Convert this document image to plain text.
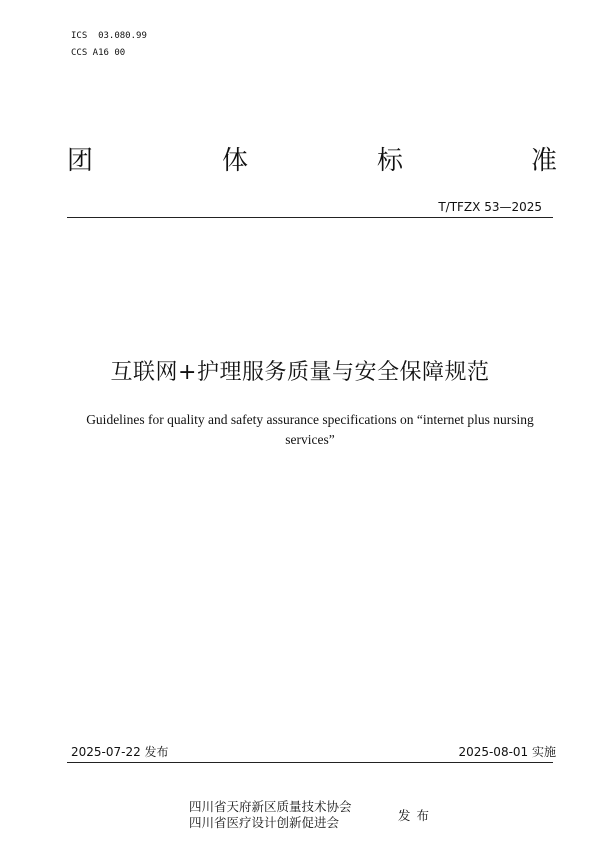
ICS  03.080.99
CCS A16 00
团	体	标	准
T/TFZX 53—2025
互联网+护理服务质量与安全保障规范
Guidelines for quality and safety assurance specifications on “internet plus nursing services”
2025-07-22 发布	2025-08-01 实施
四川省天府新区质量技术协会
四川省医疗设计创新促进会	发布
